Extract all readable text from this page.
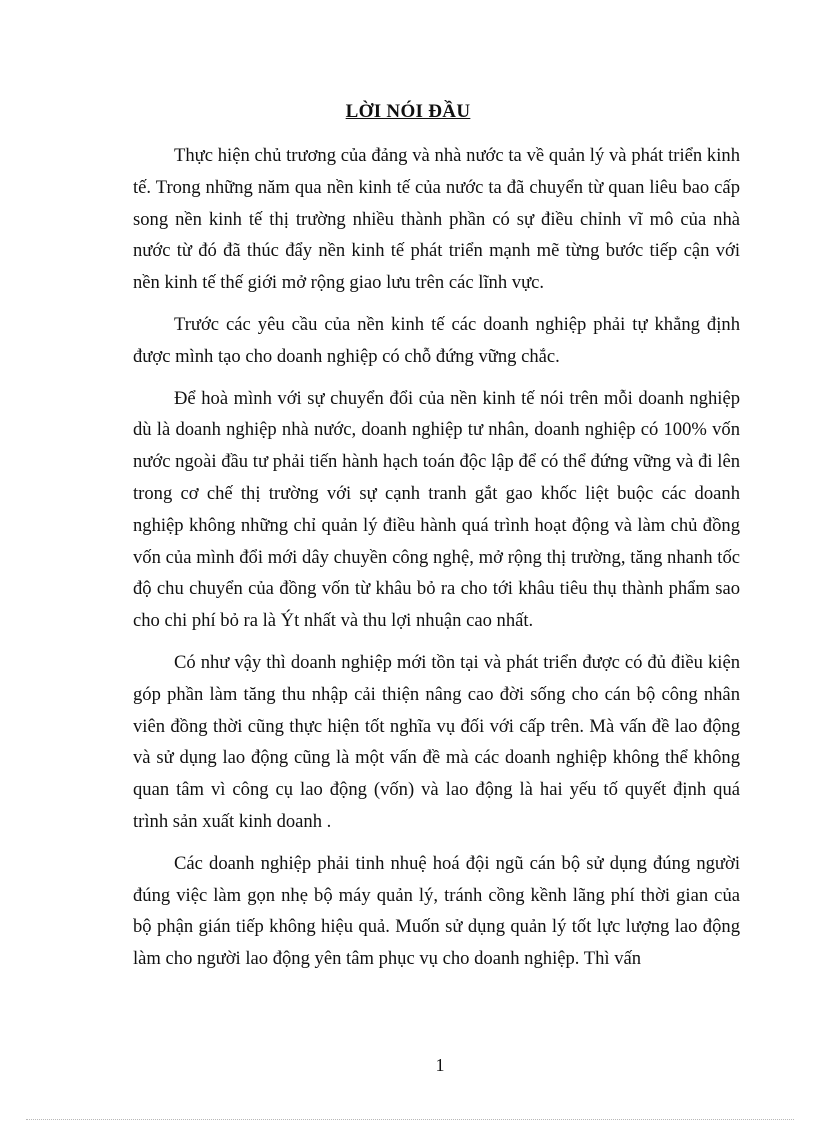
LỜI NÓI ĐẦU

Thực hiện chủ trương của đảng và nhà nước ta về quản lý và phát triển kinh tế. Trong những năm qua nền kinh tế của nước ta đã chuyển từ quan liêu bao cấp song nền kinh tế thị trường nhiều thành phần có sự điều chỉnh vĩ mô của nhà nước từ đó đã thúc đẩy nền kinh tế phát triển mạnh mẽ từng bước tiếp cận với nền kinh tế thế giới mở rộng giao lưu trên các lĩnh vực.

Trước các yêu cầu của nền kinh tế các doanh nghiệp phải tự khẳng định được mình tạo cho doanh nghiệp có chỗ đứng vững chắc.

Để hoà mình với sự chuyển đổi của nền kinh tế nói trên mỗi doanh nghiệp dù là doanh nghiệp nhà nước, doanh nghiệp tư nhân, doanh nghiệp có 100% vốn nước ngoài đầu tư phải tiến hành hạch toán độc lập để có thể đứng vững và đi lên trong cơ chế thị trường với sự cạnh tranh gắt gao khốc liệt buộc các doanh nghiệp không những chỉ quản lý điều hành quá trình hoạt động và làm chủ đồng vốn của mình đổi mới dây chuyền công nghệ, mở rộng thị trường, tăng nhanh tốc độ chu chuyển của đồng vốn từ khâu bỏ ra cho tới khâu tiêu thụ thành phẩm sao cho chi phí bỏ ra là Ýt nhất và thu lợi nhuận cao nhất.

Có như vậy thì doanh nghiệp mới tồn tại và phát triển được có đủ điều kiện góp phần làm tăng thu nhập cải thiện nâng cao đời sống cho cán bộ công nhân viên đồng thời cũng thực hiện tốt nghĩa vụ đối với cấp trên. Mà vấn đề lao động và sử dụng lao động cũng là một vấn đề mà các doanh nghiệp không thể không quan tâm vì công cụ lao động (vốn) và lao động là hai yếu tố quyết định quá trình sản xuất kinh doanh .

Các doanh nghiệp phải tinh nhuệ hoá đội ngũ cán bộ sử dụng đúng người đúng việc làm gọn nhẹ bộ máy quản lý, tránh cồng kềnh lãng phí thời gian của bộ phận gián tiếp không hiệu quả. Muốn sử dụng quản lý tốt lực lượng lao động làm cho người lao động yên tâm phục vụ cho doanh nghiệp. Thì vấn

1
